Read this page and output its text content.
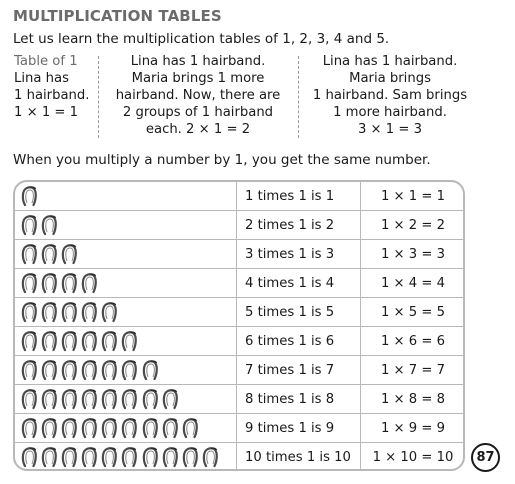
MULTIPLICATION TABLES
Let us learn the multiplication tables of 1, 2, 3, 4 and 5.
Table of 1
Lina has
1 hairband.
1 × 1 = 1
Lina has 1 hairband.
Maria brings 1 more
hairband. Now, there are
2 groups of 1 hairband
each. 2 × 1 = 2
Lina has 1 hairband.
Maria brings
1 hairband. Sam brings
1 more hairband.
3 × 1 = 3
When you multiply a number by 1, you get the same number.
1 times 1 is 1	1 × 1 = 1
2 times 1 is 2	1 × 2 = 2
3 times 1 is 3	1 × 3 = 3
4 times 1 is 4	1 × 4 = 4
5 times 1 is 5	1 × 5 = 5
6 times 1 is 6	1 × 6 = 6
7 times 1 is 7	1 × 7 = 7
8 times 1 is 8	1 × 8 = 8
9 times 1 is 9	1 × 9 = 9
10 times 1 is 10	1 × 10 = 10	87
